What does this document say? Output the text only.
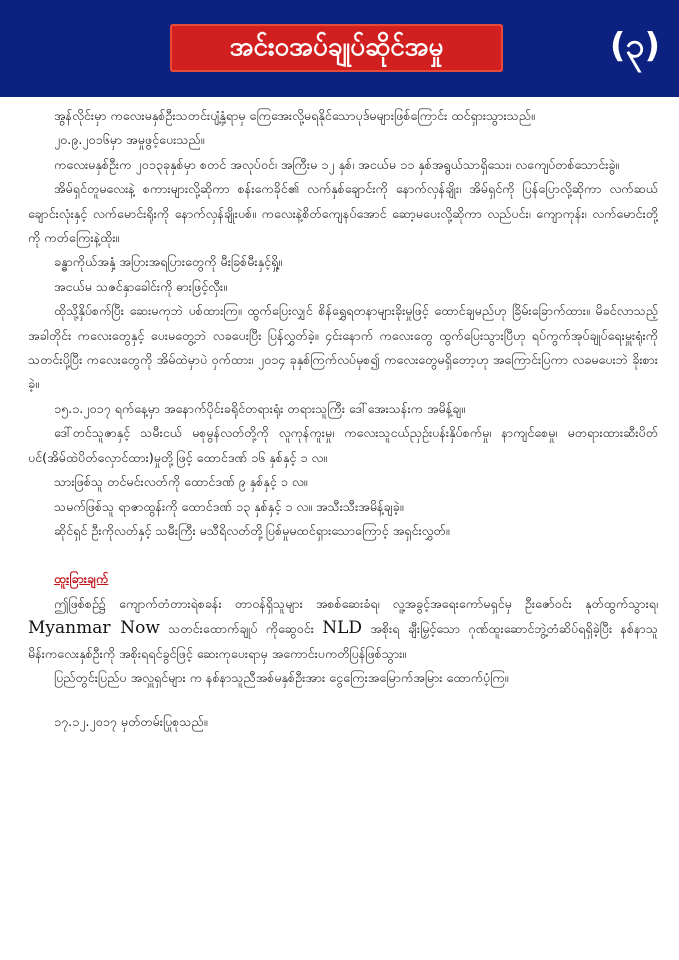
အင်းဝအပ်ချုပ်ဆိုင်အမှု	(၃)

အွန်လိုင်းမှာ ကလေးမနှစ်ဦးသတင်းပျံ့နှံ့ရာမှ ကြေအေးလို့မရနိုင်သောပုဒ်မများဖြစ်ကြောင်း ထင်ရှားသွားသည်။

၂၀.၉.၂၀၁၆မှာ အမှုဖွင့်ပေးသည်။

ကလေးမနှစ်ဦးက ၂၀၁၃ခုနှစ်မှာ စတင် အလုပ်ဝင်၊ အကြီးမ ၁၂ နှစ်၊ အငယ်မ ၁၁ နှစ်အရွယ်သာရှိသေး၊ လကျေပ်တစ်သောင်းခွဲ။

အိမ်ရှင်တူမလေးနဲ့ စကားများလို့ဆိုကာ စန်းကေခိုင်၏ လက်နှစ်ချောင်းကို နောက်လှန်ချိုး၊ အိမ်ရှင်ကို ပြန်ပြောလို့ဆိုကာ လက်ဆယ်ချောင်းလုံးနှင့် လက်မောင်းရိုးကို နောက်လှန်ချိုးပစ်။ ကလေးနဲ့စိတ်ကျေနပ်အောင် ဆော့မပေးလို့ဆိုကာ လည်ပင်း၊ ကျောကုန်း၊ လက်မောင်းတို့ကို ကတ်ကြေးနဲ့ထိုး။

ခန္ဓာကိုယ်အနှံ့ အပြားအရပြားတွေကို မီးခြစ်မီးနှင့်ရှို့။

အငယ်မ သဇင်နှာခေါင်းကို ဓားဖြင့်လှီး။

ထိုသို့နှိပ်စက်ပြီး ဆေးမကုဘဲ ပစ်ထားကြ။ ထွက်ပြေးလျှင် စိန်ရွှေရတနာများခိုးမှုဖြင့် ထောင်ချမည်ဟု ခြိမ်းခြောက်ထား။ မိခင်လာသည့်အခါတိုင်း ကလေးတွေနှင့် ပေးမတွေ့ဘဲ လခပေးပြီး ပြန်လွှတ်ခဲ့။ ၄င်းနောက် ကလေးတွေ ထွက်ပြေးသွားပြီဟု ရပ်ကွက်အုပ်ချုပ်ရေးမှူးရုံးကိုသတင်းပို့ပြီး ကလေးတွေကို အိမ်ထဲမှာပဲ ဝှက်ထား၊ ၂၀၁၄ ခုနှစ်ကြက်လပ်မှစ၍ ကလေးတွေမရှိတော့ဟု အကြောင်းပြကာ လခမပေးဘဲ ခိုးစားခဲ့။

၁၅.၁.၂၀၁၇ ရက်နေ့မှာ အနောက်ပိုင်းခရိုင်တရားရုံး တရားသူကြီး ဒေါ်အေးသန်းက အမိန့်ချ။

ဒေါ်တင်သူဇာနှင့် သမီးငယ် မစုမွန်လတ်တို့ကို လူကုန်ကူးမှု၊ ကလေးသူငယ်ညှဉ်းပန်းနှိပ်စက်မှု၊ နာကျင်စေမှု၊ မတရားထားဆီးပိတ်ပင်(အိမ်ထဲပိတ်လှောင်ထား)မှုတို့ဖြင့် ထောင်ဒဏ် ၁၆ နှစ်နှင့် ၁ လ။

သားဖြစ်သူ တင်မင်းလတ်ကို ထောင်ဒဏ် ၉ နှစ်နှင့် ၁ လ။

သမက်ဖြစ်သူ ရာဇာထွန်းကို ထောင်ဒဏ် ၁၃ နှစ်နှင့် ၁ လ။ အသီးသီးအမိန့်ချခဲ့။

ဆိုင်ရှင် ဦးကိုလတ်နှင့် သမီးကြီး မသီရိလတ်တို့ပြစ်မှုမထင်ရှားသောကြောင့် အရှင်းလွှတ်။

ထူးခြားချက်

ဤဖြစ်စဉ်၌ ကျောက်တံတားရဲစခန်း တာဝန်ရှိသူများ အစစ်ဆေးခံရ၊ လူ့အခွင့်အရေးကော်မရှင်မှ ဦးဇော်ဝင်း နုတ်ထွက်သွားရ၊ Myanmar Now သတင်းထောက်ချုပ် ကိုဆွေဝင်း NLD အစိုးရ ချီးမြှင့်သော ဂုဏ်ထူးဆောင်ဘွဲ့တံဆိပ်ရရှိခဲ့ပြီး နစ်နာသူမိန်းကလေးနှစ်ဦးကို အစိုးရရင်ခွင်ဖြင့် ဆေးကုပေးရာမှ အကောင်းပကတိပြန်ဖြစ်သွား။

ပြည်တွင်းပြည်ပ အလှူရှင်များ က နစ်နာသူညီအစ်မနှစ်ဦးအား ငွေကြေးအမြောက်အမြား ထောက်ပံ့ကြ။

၁၇.၁၂.၂၀၁၇ မှတ်တမ်းပြုစုသည်။
